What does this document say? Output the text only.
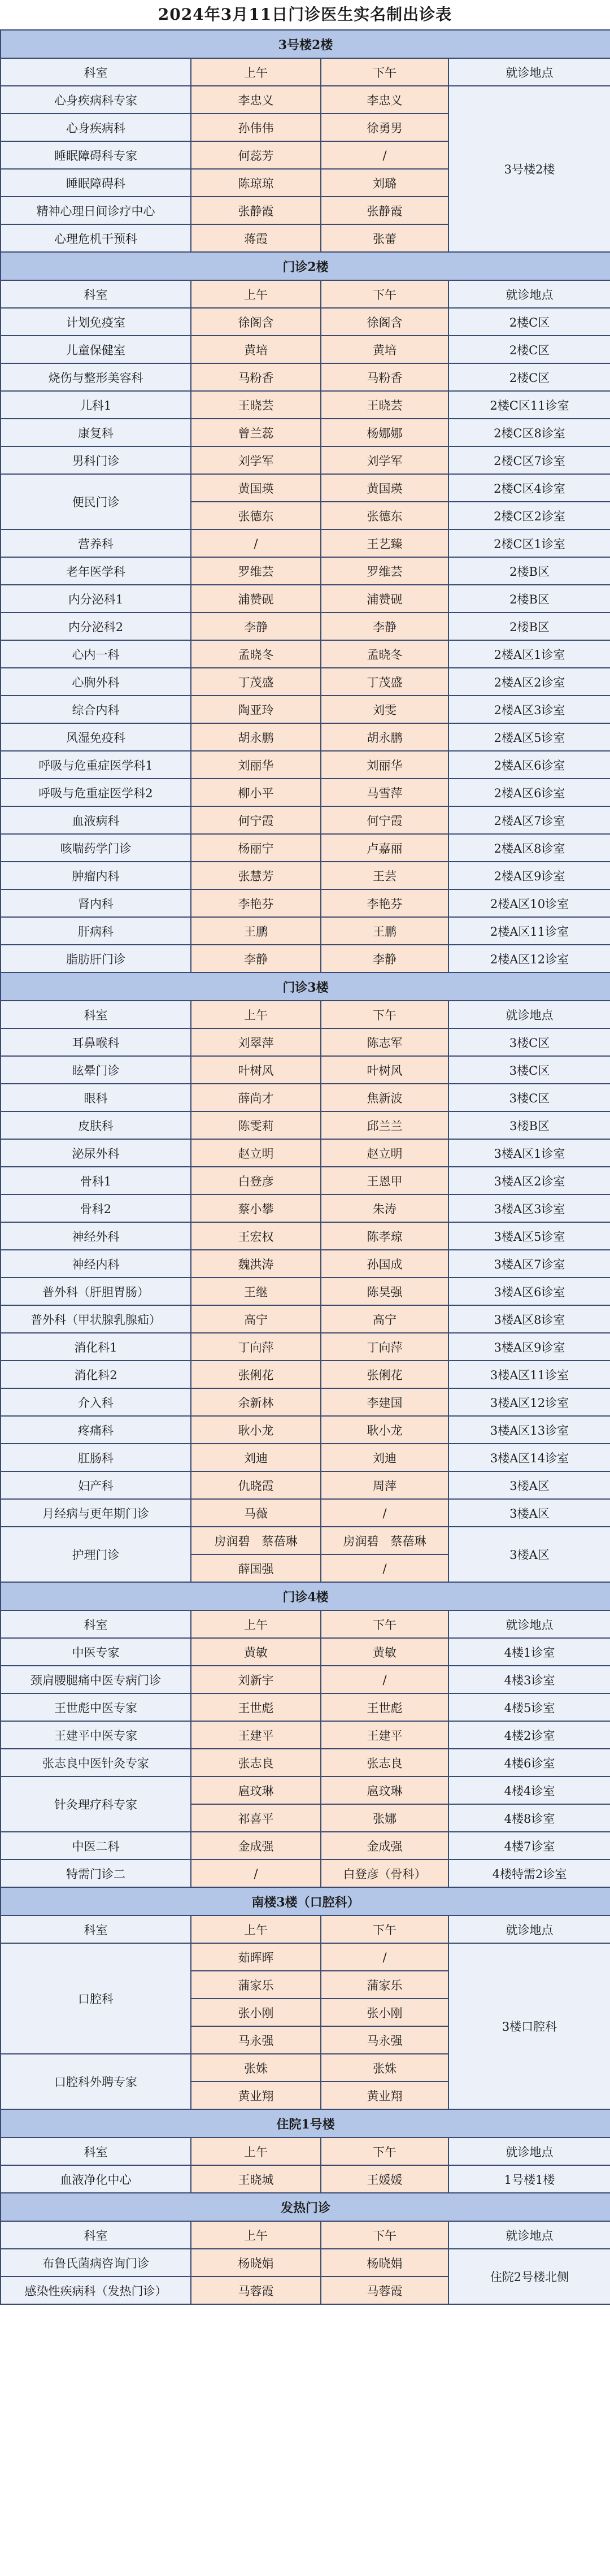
2024年3月11日门诊医生实名制出诊表
3号楼2楼			
科室	上午	下午	就诊地点
心身疾病科专家	李忠义	李忠义	3号楼2楼
心身疾病科	孙伟伟	徐勇男	
睡眠障碍科专家	何蕊芳	/	
睡眠障碍科	陈琼琼	刘璐	
精神心理日间诊疗中心	张静霞	张静霞	
心理危机干预科	蒋霞	张蕾	
门诊2楼			
科室	上午	下午	就诊地点
计划免疫室	徐阁含	徐阁含	2楼C区
儿童保健室	黄培	黄培	2楼C区
烧伤与整形美容科	马粉香	马粉香	2楼C区
儿科1	王晓芸	王晓芸	2楼C区11诊室
康复科	曾兰蕊	杨娜娜	2楼C区8诊室
男科门诊	刘学军	刘学军	2楼C区7诊室
便民门诊	黄国瑛	黄国瑛	2楼C区4诊室
	张德东	张德东	2楼C区2诊室
营养科	/	王艺臻	2楼C区1诊室
老年医学科	罗维芸	罗维芸	2楼B区
内分泌科1	浦赞砚	浦赞砚	2楼B区
内分泌科2	李静	李静	2楼B区
心内一科	孟晓冬	孟晓冬	2楼A区1诊室
心胸外科	丁茂盛	丁茂盛	2楼A区2诊室
综合内科	陶亚玲	刘雯	2楼A区3诊室
风湿免疫科	胡永鹏	胡永鹏	2楼A区5诊室
呼吸与危重症医学科1	刘丽华	刘丽华	2楼A区6诊室
呼吸与危重症医学科2	柳小平	马雪萍	2楼A区6诊室
血液病科	何宁霞	何宁霞	2楼A区7诊室
咳喘药学门诊	杨丽宁	卢嘉丽	2楼A区8诊室
肿瘤内科	张慧芳	王芸	2楼A区9诊室
肾内科	李艳芬	李艳芬	2楼A区10诊室
肝病科	王鹏	王鹏	2楼A区11诊室
脂肪肝门诊	李静	李静	2楼A区12诊室
门诊3楼			
科室	上午	下午	就诊地点
耳鼻喉科	刘翠萍	陈志军	3楼C区
眩晕门诊	叶树风	叶树风	3楼C区
眼科	薛尚才	焦新波	3楼C区
皮肤科	陈雯莉	邱兰兰	3楼B区
泌尿外科	赵立明	赵立明	3楼A区1诊室
骨科1	白登彦	王恩甲	3楼A区2诊室
骨科2	蔡小攀	朱涛	3楼A区3诊室
神经外科	王宏权	陈孝琼	3楼A区5诊室
神经内科	魏洪涛	孙国成	3楼A区7诊室
普外科（肝胆胃肠）	王继	陈昊强	3楼A区6诊室
普外科（甲状腺乳腺疝）	高宁	高宁	3楼A区8诊室
消化科1	丁向萍	丁向萍	3楼A区9诊室
消化科2	张俐花	张俐花	3楼A区11诊室
介入科	余新林	李建国	3楼A区12诊室
疼痛科	耿小龙	耿小龙	3楼A区13诊室
肛肠科	刘迪	刘迪	3楼A区14诊室
妇产科	仇晓霞	周萍	3楼A区
月经病与更年期门诊	马薇	/	3楼A区
护理门诊	房润碧　蔡蓓琳	房润碧　蔡蓓琳	3楼A区
	薛国强	/	
门诊4楼			
科室	上午	下午	就诊地点
中医专家	黄敏	黄敏	4楼1诊室
颈肩腰腿痛中医专病门诊	刘新宇	/	4楼3诊室
王世彪中医专家	王世彪	王世彪	4楼5诊室
王建平中医专家	王建平	王建平	4楼2诊室
张志良中医针灸专家	张志良	张志良	4楼6诊室
针灸理疗科专家	扈玟琳	扈玟琳	4楼4诊室
	祁喜平	张娜	4楼8诊室
中医二科	金成强	金成强	4楼7诊室
特需门诊二	/	白登彦（骨科）	4楼特需2诊室
南楼3楼（口腔科）			
科室	上午	下午	就诊地点
口腔科	茹晖晖	/	3楼口腔科
	蒲家乐	蒲家乐	
	张小刚	张小刚	
	马永强	马永强	
口腔科外聘专家	张姝	张姝	
	黄业翔	黄业翔	
住院1号楼			
科室	上午	下午	就诊地点
血液净化中心	王晓城	王媛媛	1号楼1楼
发热门诊			
科室	上午	下午	就诊地点
布鲁氏菌病咨询门诊	杨晓娟	杨晓娟	住院2号楼北侧
感染性疾病科（发热门诊）	马蓉霞	马蓉霞	
